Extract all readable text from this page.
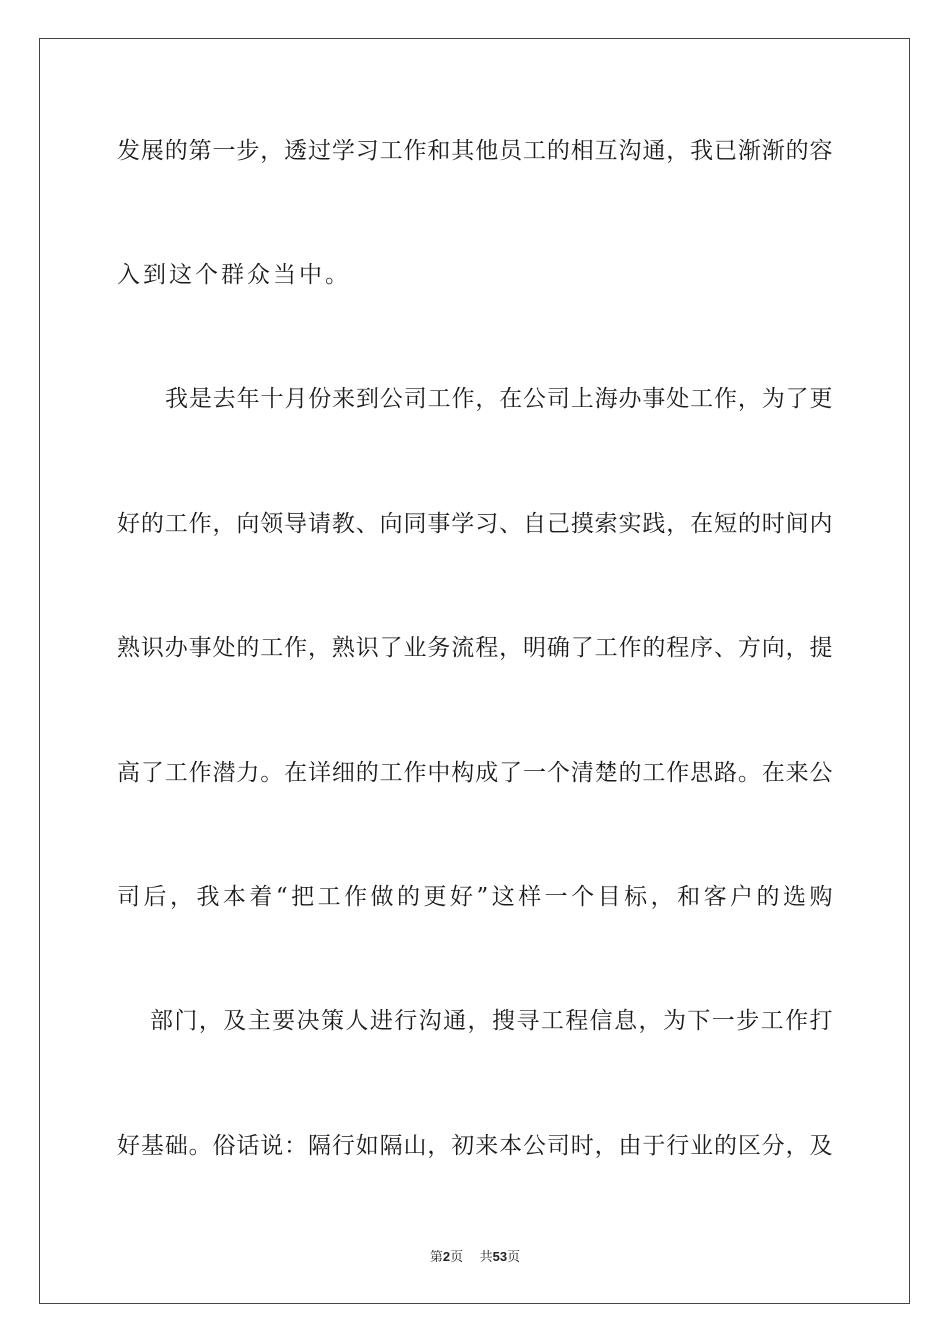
发展的第一步，透过学习工作和其他员工的相互沟通，我已渐渐的容
入到这个群众当中。
我是去年十月份来到公司工作，在公司上海办事处工作，为了更
好的工作，向领导请教、向同事学习、自己摸索实践，在短的时间内
熟识办事处的工作，熟识了业务流程，明确了工作的程序、方向，提
高了工作潜力。在详细的工作中构成了一个清楚的工作思路。在来公
司后，我本着“把工作做的更好”这样一个目标，和客户的选购
部门，及主要决策人进行沟通，搜寻工程信息，为下一步工作打
好基础。俗话说：隔行如隔山，初来本公司时，由于行业的区分，及
第2页 共53页
